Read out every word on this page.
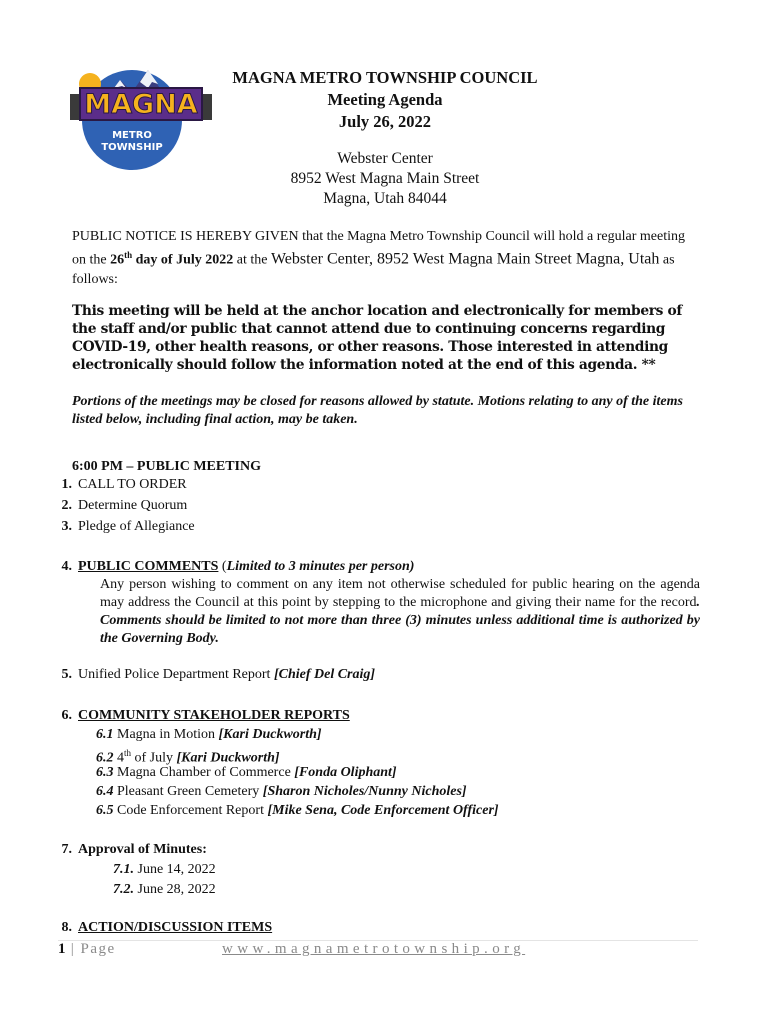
MAGNA
METRO
TOWNSHIP
MAGNA METRO TOWNSHIP COUNCIL
Meeting Agenda
July 26, 2022
Webster Center
8952 West Magna Main Street
Magna, Utah 84044
PUBLIC NOTICE IS HEREBY GIVEN that the Magna Metro Township Council will hold a regular meeting on the 26th day of July 2022 at the Webster Center, 8952 West Magna Main Street Magna, Utah as follows:
This meeting will be held at the anchor location and electronically for members of the staff and/or public that cannot attend due to continuing concerns regarding COVID-19, other health reasons, or other reasons. Those interested in attending electronically should follow the information noted at the end of this agenda. **
Portions of the meetings may be closed for reasons allowed by statute. Motions relating to any of the items listed below, including final action, may be taken.
6:00 PM – PUBLIC MEETING
1. CALL TO ORDER
2. Determine Quorum
3. Pledge of Allegiance
4. PUBLIC COMMENTS (Limited to 3 minutes per person)
Any person wishing to comment on any item not otherwise scheduled for public hearing on the agenda may address the Council at this point by stepping to the microphone and giving their name for the record. Comments should be limited to not more than three (3) minutes unless additional time is authorized by the Governing Body.
5. Unified Police Department Report [Chief Del Craig]
6. COMMUNITY STAKEHOLDER REPORTS
6.1 Magna in Motion [Kari Duckworth]
6.2 4th of July [Kari Duckworth]
6.3 Magna Chamber of Commerce [Fonda Oliphant]
6.4 Pleasant Green Cemetery [Sharon Nicholes/Nunny Nicholes]
6.5 Code Enforcement Report [Mike Sena, Code Enforcement Officer]
7. Approval of Minutes:
7.1. June 14, 2022
7.2. June 28, 2022
8. ACTION/DISCUSSION ITEMS
1 | Page	www.magnametrotownship.org
